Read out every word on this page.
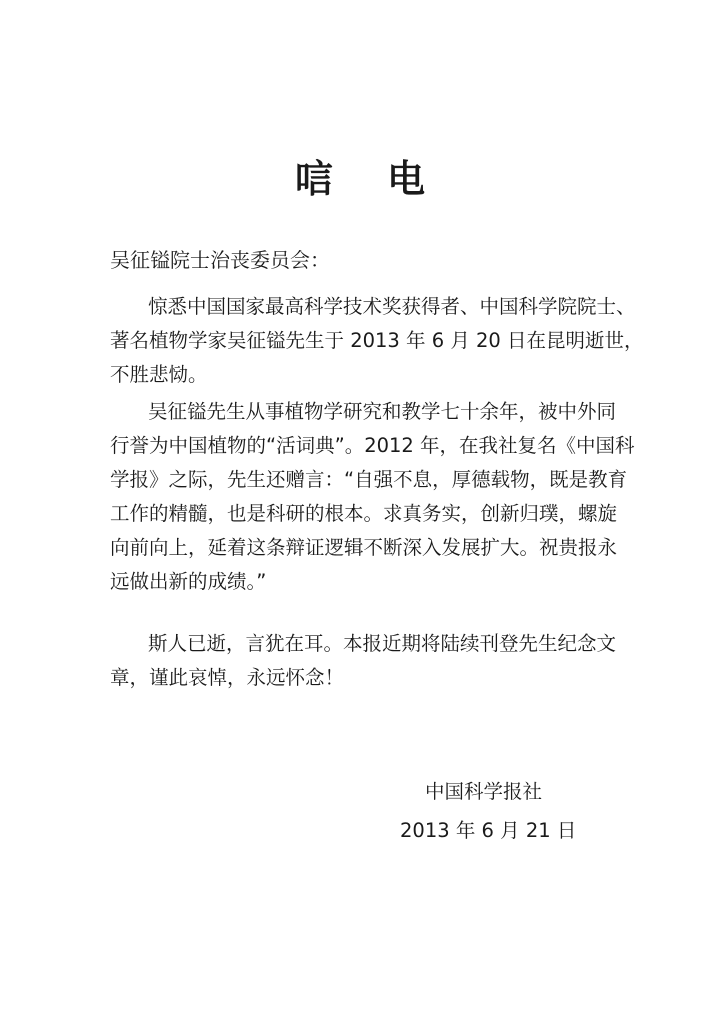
唁 电
吴征镒院士治丧委员会：
惊悉中国国家最高科学技术奖获得者、中国科学院院士、
著名植物学家吴征镒先生于 2013 年 6 月 20 日在昆明逝世，
不胜悲恸。
吴征镒先生从事植物学研究和教学七十余年，被中外同
行誉为中国植物的“活词典”。2012 年，在我社复名《中国科
学报》之际，先生还赠言：“自强不息，厚德载物，既是教育
工作的精髓，也是科研的根本。求真务实，创新归璞，螺旋
向前向上，延着这条辩证逻辑不断深入发展扩大。祝贵报永
远做出新的成绩。”
斯人已逝，言犹在耳。本报近期将陆续刊登先生纪念文
章，谨此哀悼，永远怀念！
中国科学报社
2013 年 6 月 21 日
